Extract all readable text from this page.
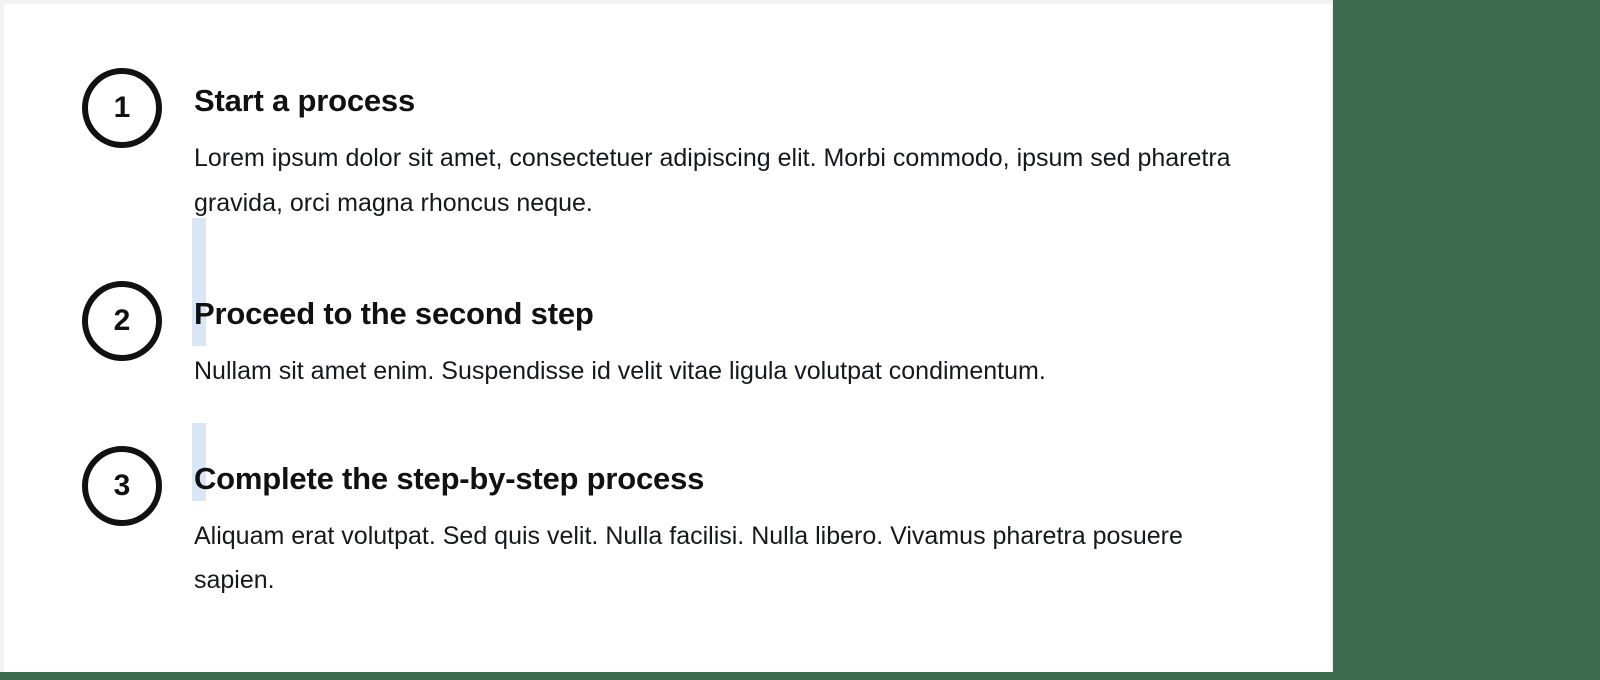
1 Start a process

Lorem ipsum dolor sit amet, consectetuer adipiscing elit. Morbi commodo, ipsum sed pharetra gravida, orci magna rhoncus neque.

2 Proceed to the second step

Nullam sit amet enim. Suspendisse id velit vitae ligula volutpat condimentum.

3 Complete the step-by-step process

Aliquam erat volutpat. Sed quis velit. Nulla facilisi. Nulla libero. Vivamus pharetra posuere sapien.
